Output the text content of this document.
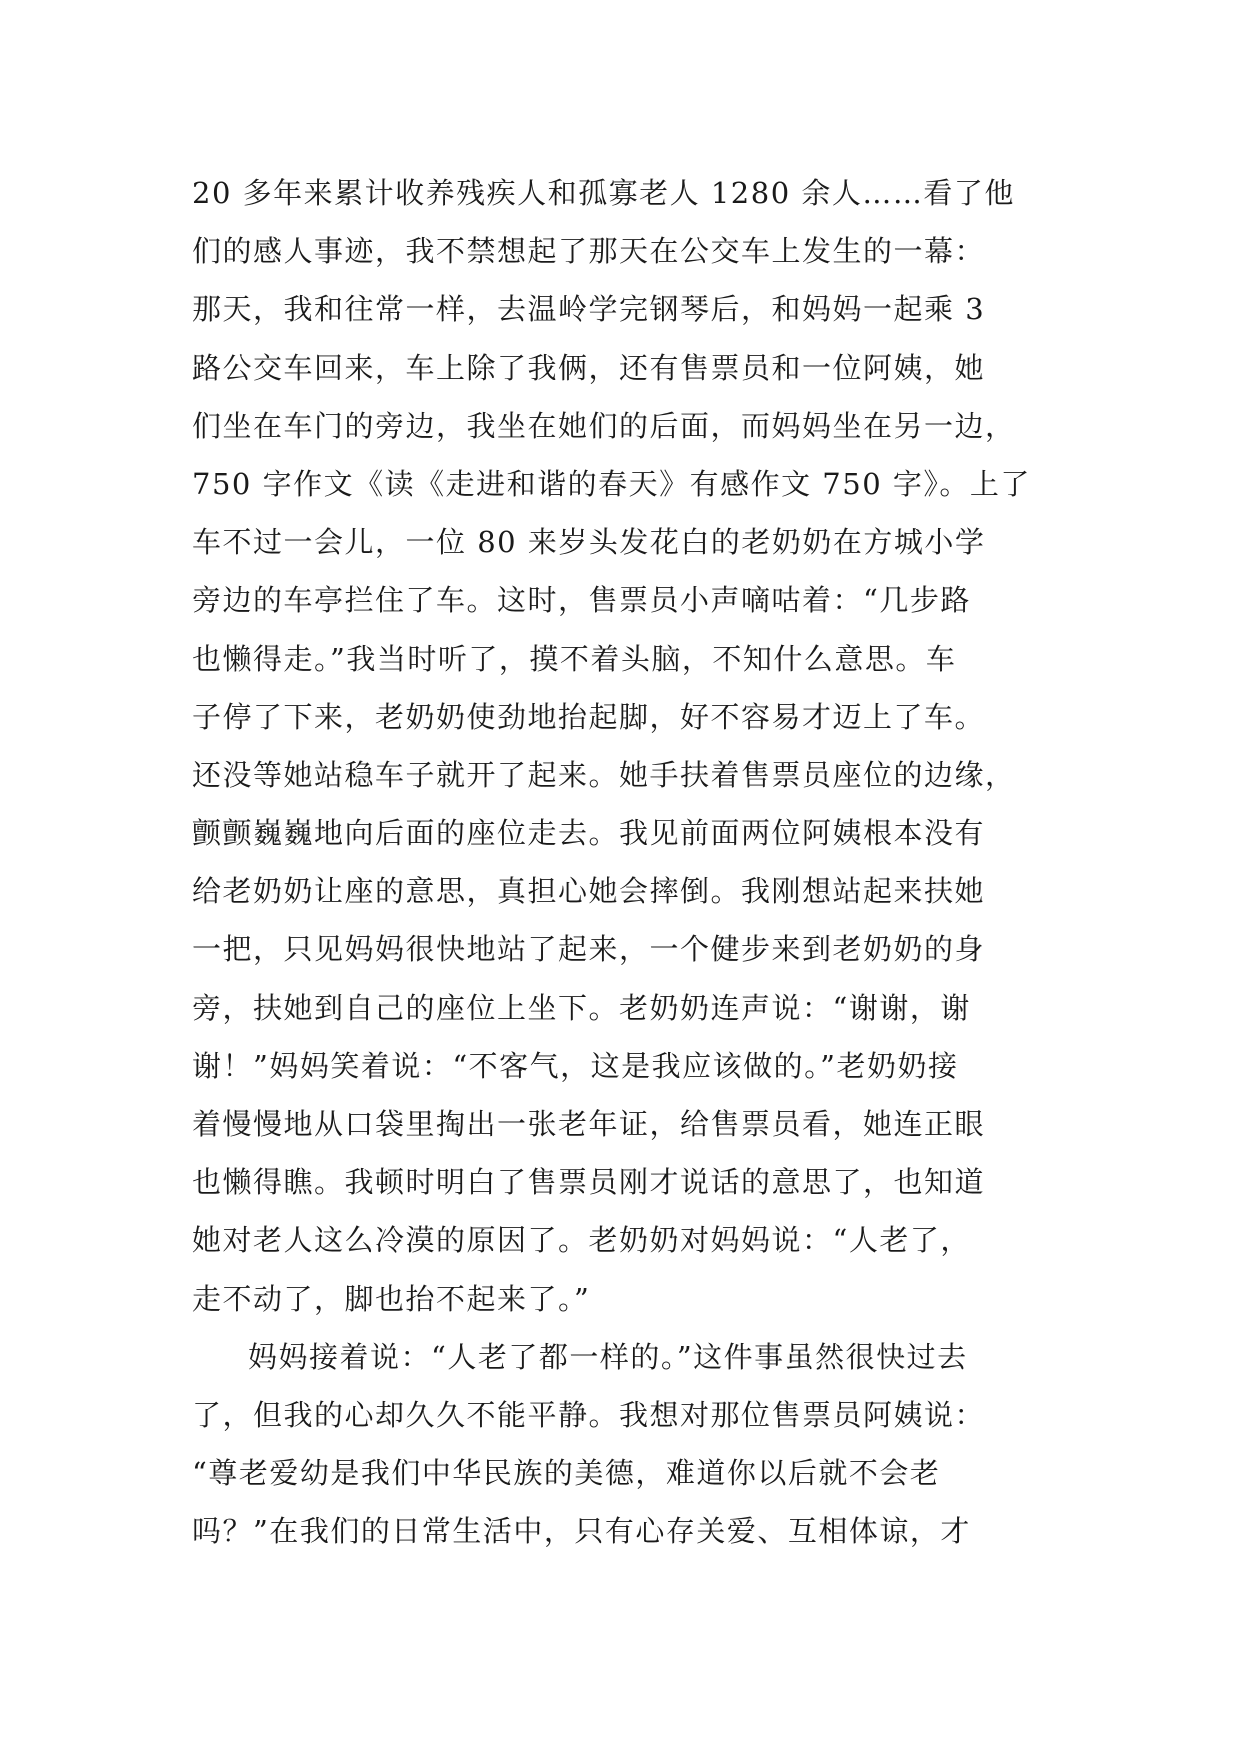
20 多年来累计收养残疾人和孤寡老人 1280 余人……看了他
们的感人事迹，我不禁想起了那天在公交车上发生的一幕：
那天，我和往常一样，去温岭学完钢琴后，和妈妈一起乘 3
路公交车回来，车上除了我俩，还有售票员和一位阿姨，她
们坐在车门的旁边，我坐在她们的后面，而妈妈坐在另一边，
750 字作文《读《走进和谐的春天》有感作文 750 字》。上了
车不过一会儿，一位 80 来岁头发花白的老奶奶在方城小学
旁边的车亭拦住了车。这时，售票员小声嘀咕着：“几步路
也懒得走。”我当时听了，摸不着头脑，不知什么意思。车
子停了下来，老奶奶使劲地抬起脚，好不容易才迈上了车。
还没等她站稳车子就开了起来。她手扶着售票员座位的边缘，
颤颤巍巍地向后面的座位走去。我见前面两位阿姨根本没有
给老奶奶让座的意思，真担心她会摔倒。我刚想站起来扶她
一把，只见妈妈很快地站了起来，一个健步来到老奶奶的身
旁，扶她到自己的座位上坐下。老奶奶连声说：“谢谢，谢
谢！”妈妈笑着说：“不客气，这是我应该做的。”老奶奶接
着慢慢地从口袋里掏出一张老年证，给售票员看，她连正眼
也懒得瞧。我顿时明白了售票员刚才说话的意思了，也知道
她对老人这么冷漠的原因了。老奶奶对妈妈说：“人老了，
走不动了，脚也抬不起来了。”
妈妈接着说：“人老了都一样的。”这件事虽然很快过去
了，但我的心却久久不能平静。我想对那位售票员阿姨说：
“尊老爱幼是我们中华民族的美德，难道你以后就不会老
吗？”在我们的日常生活中，只有心存关爱、互相体谅，才
